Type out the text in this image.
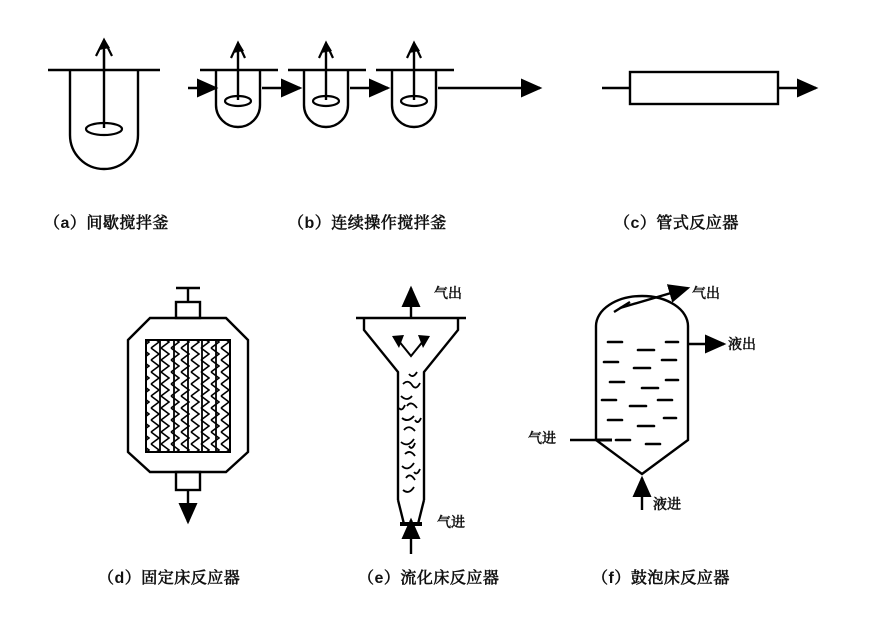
（a）间歇搅拌釜	（b）连续操作搅拌釜	（c）管式反应器
（d）固定床反应器	（e）流化床反应器	（f）鼓泡床反应器
气出
气进
气出
液出
气进
液进
